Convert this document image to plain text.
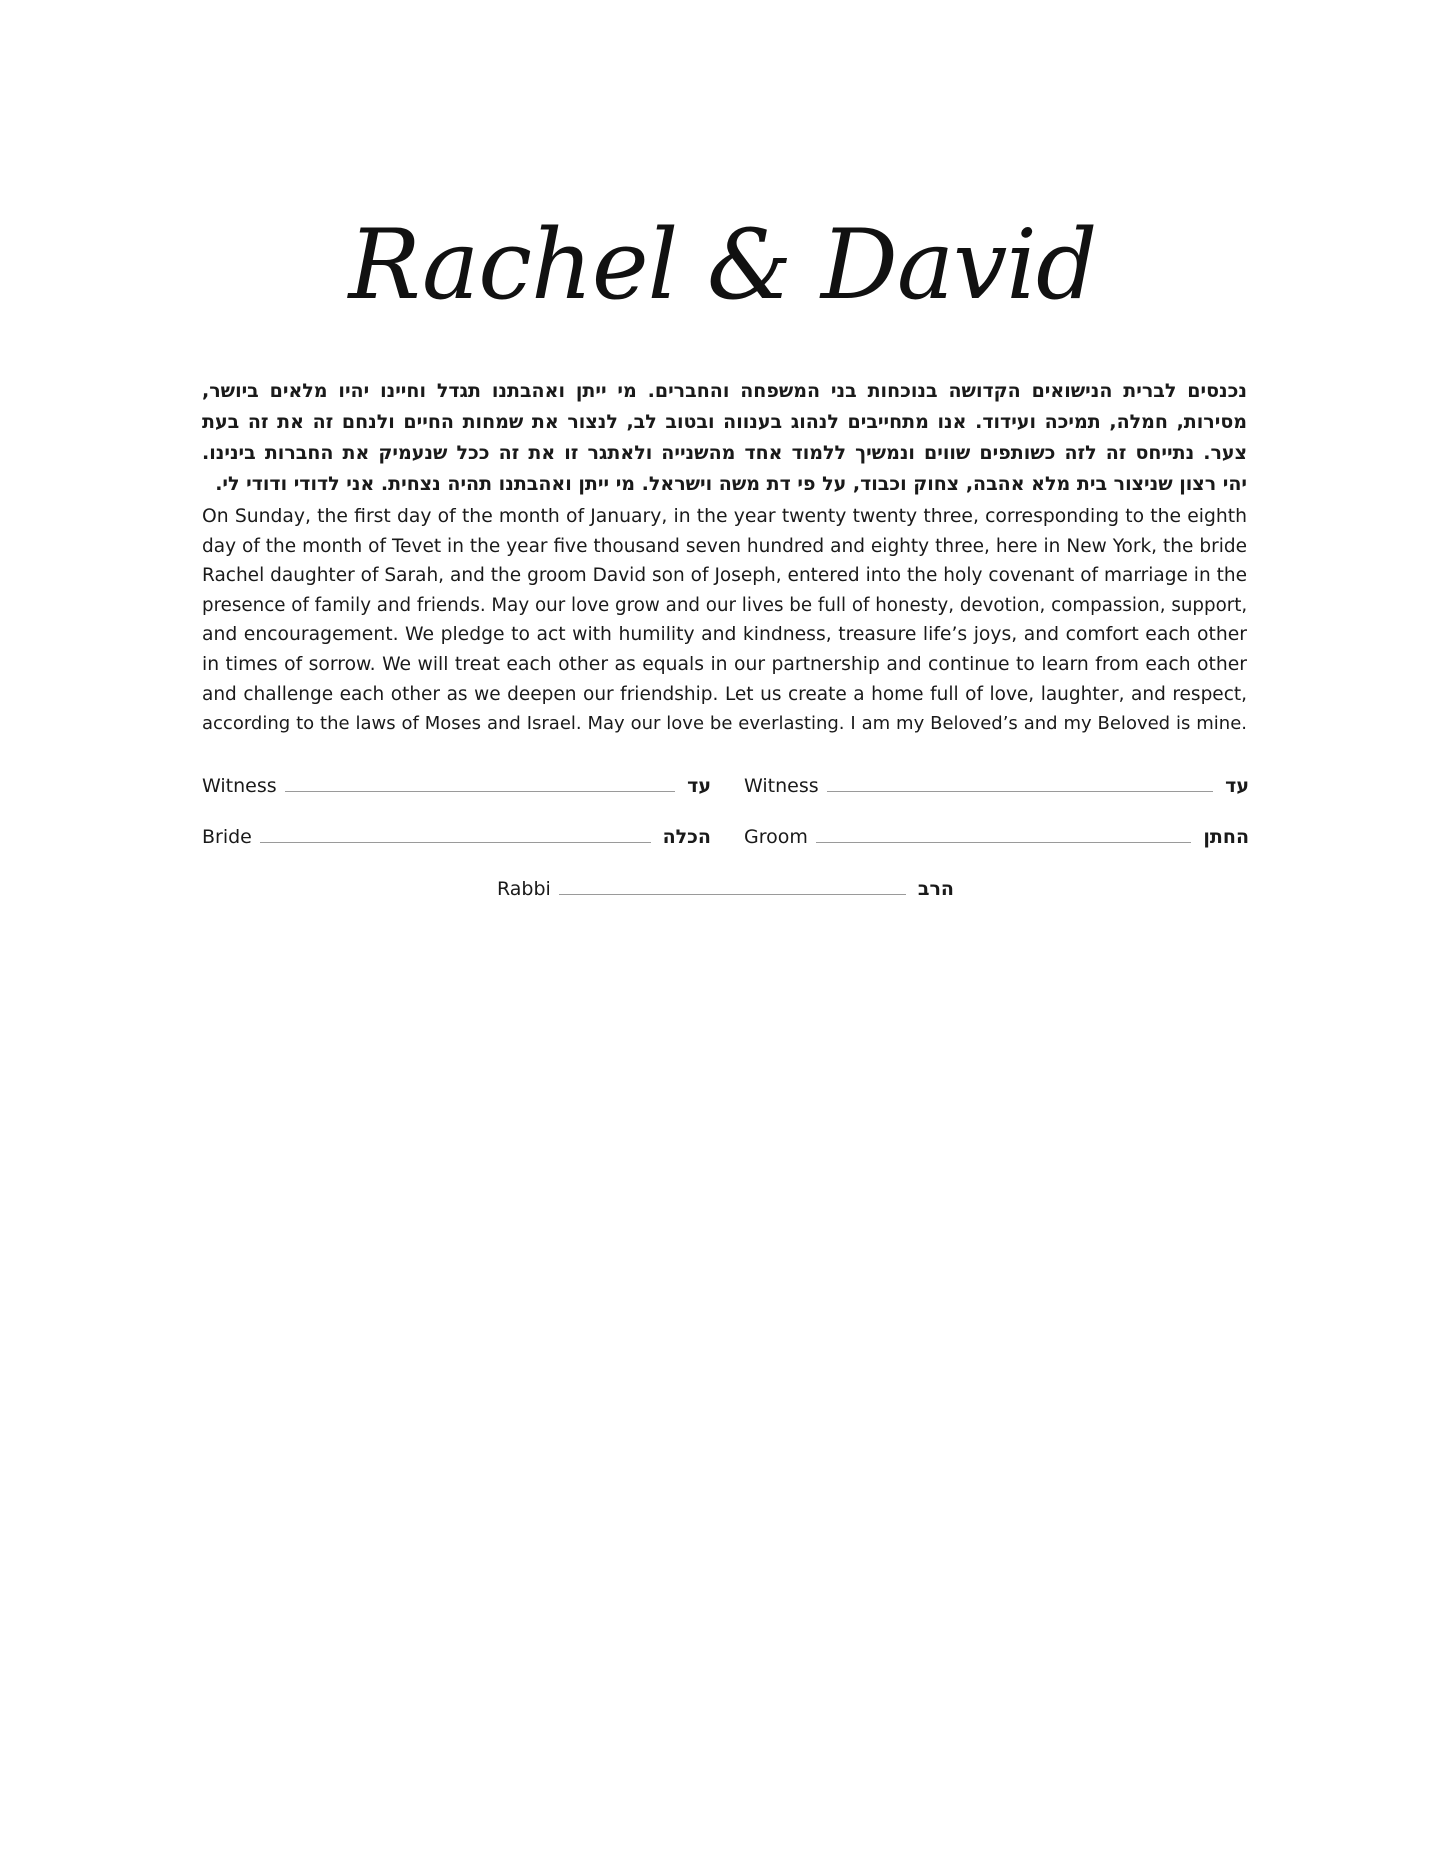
Rachel & David
נכנסים לברית הנישואים הקדושה בנוכחות בני המשפחה והחברים. מי ייתן ואהבתנו תגדל וחיינו יהיו מלאים ביושר,
מסירות, חמלה, תמיכה ועידוד. אנו מתחייבים לנהוג בענווה ובטוב לב, לנצור את שמחות החיים ולנחם זה את זה בעת
צער. נתייחס זה לזה כשותפים שווים ונמשיך ללמוד אחד מהשנייה ולאתגר זו את זה ככל שנעמיק את החברות בינינו.
יהי רצון שניצור בית מלא אהבה, צחוק וכבוד, על פי דת משה וישראל. מי ייתן ואהבתנו תהיה נצחית. אני לדודי ודודי לי.
On Sunday, the first day of the month of January, in the year twenty twenty three, corresponding to the eighth
day of the month of Tevet in the year five thousand seven hundred and eighty three, here in New York, the bride
Rachel daughter of Sarah, and the groom David son of Joseph, entered into the holy covenant of marriage in the
presence of family and friends. May our love grow and our lives be full of honesty, devotion, compassion, support,
and encouragement. We pledge to act with humility and kindness, treasure life’s joys, and comfort each other
in times of sorrow. We will treat each other as equals in our partnership and continue to learn from each other
and challenge each other as we deepen our friendship. Let us create a home full of love, laughter, and respect,
according to the laws of Moses and Israel. May our love be everlasting. I am my Beloved’s and my Beloved is mine.
Witness	עד Witness	עד
Bride	הכלה Groom	החתן
Rabbi	הרב
